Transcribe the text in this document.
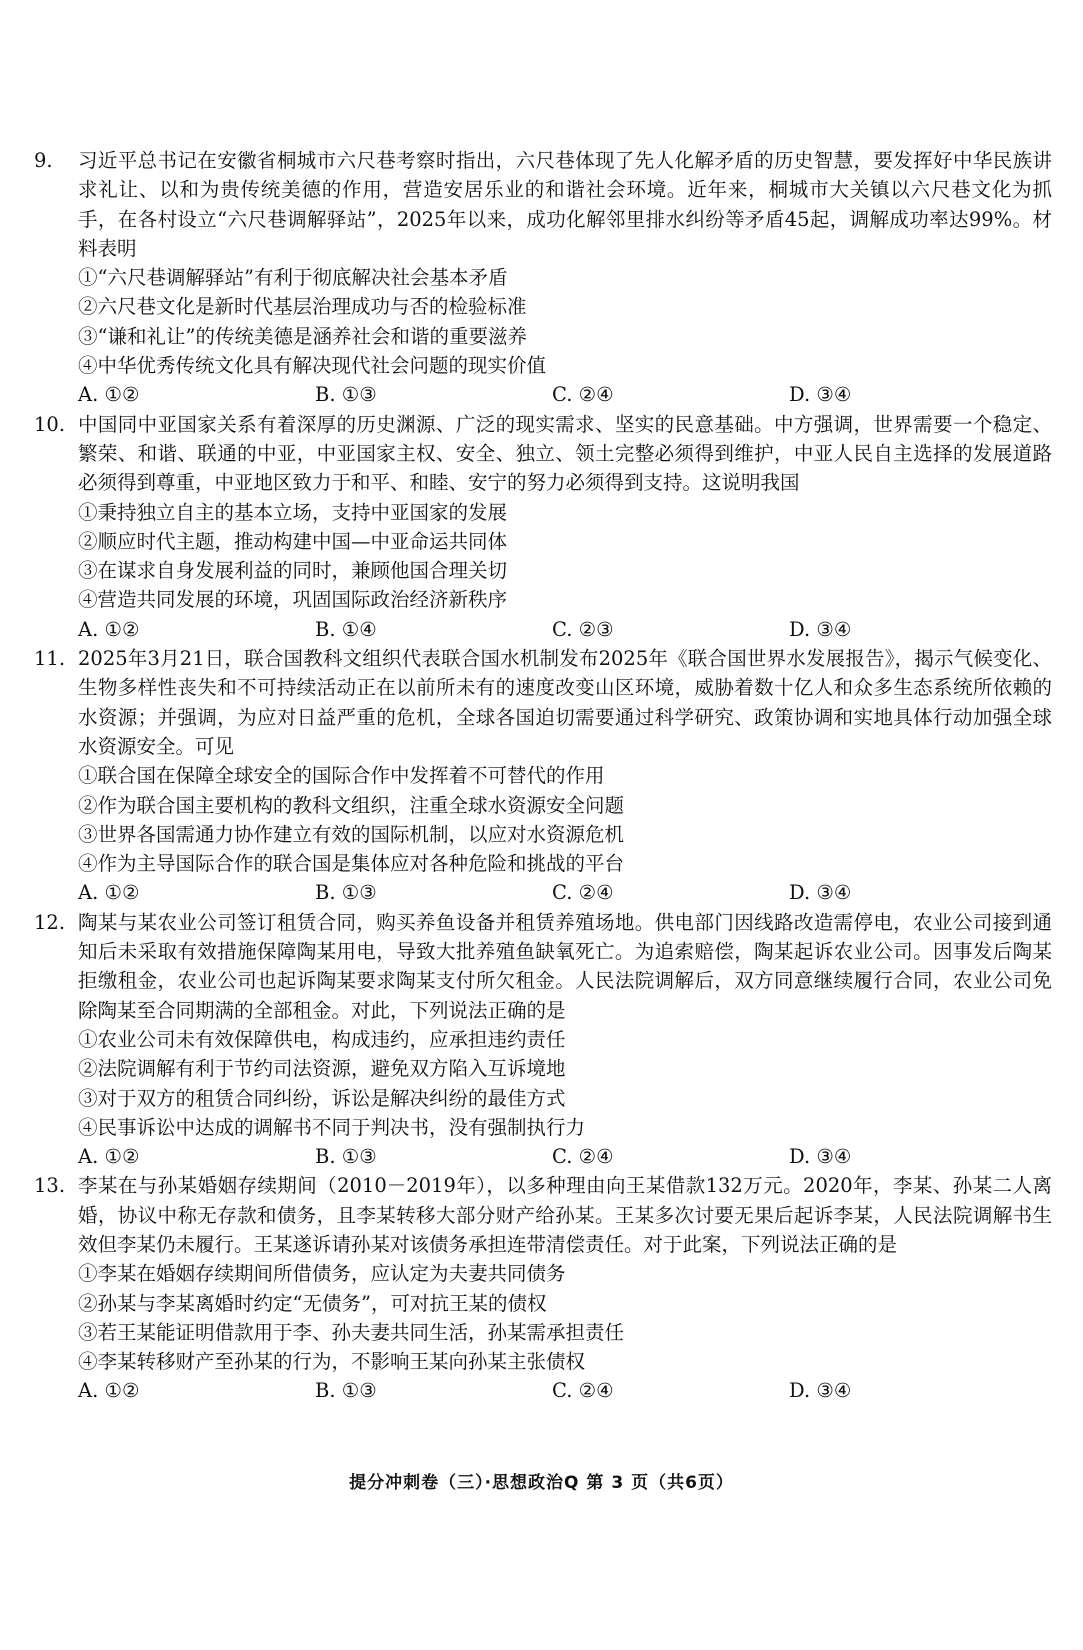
9.	习近平总书记在安徽省桐城市六尺巷考察时指出，六尺巷体现了先人化解矛盾的历史智慧，要发挥好中华民族讲求礼让、以和为贵传统美德的作用，营造安居乐业的和谐社会环境。近年来，桐城市大关镇以六尺巷文化为抓手，在各村设立“六尺巷调解驿站”，2025年以来，成功化解邻里排水纠纷等矛盾45起，调解成功率达99%。材料表明
①“六尺巷调解驿站”有利于彻底解决社会基本矛盾
②六尺巷文化是新时代基层治理成功与否的检验标准
③“谦和礼让”的传统美德是涵养社会和谐的重要滋养
④中华优秀传统文化具有解决现代社会问题的现实价值
A. ①②	B. ①③	C. ②④	D. ③④
10. 中国同中亚国家关系有着深厚的历史渊源、广泛的现实需求、坚实的民意基础。中方强调，世界需要一个稳定、繁荣、和谐、联通的中亚，中亚国家主权、安全、独立、领土完整必须得到维护，中亚人民自主选择的发展道路必须得到尊重，中亚地区致力于和平、和睦、安宁的努力必须得到支持。这说明我国
①秉持独立自主的基本立场，支持中亚国家的发展
②顺应时代主题，推动构建中国—中亚命运共同体
③在谋求自身发展利益的同时，兼顾他国合理关切
④营造共同发展的环境，巩固国际政治经济新秩序
A. ①②	B. ①④	C. ②③	D. ③④
11. 2025年3月21日，联合国教科文组织代表联合国水机制发布2025年《联合国世界水发展报告》，揭示气候变化、生物多样性丧失和不可持续活动正在以前所未有的速度改变山区环境，威胁着数十亿人和众多生态系统所依赖的水资源；并强调，为应对日益严重的危机，全球各国迫切需要通过科学研究、政策协调和实地具体行动加强全球水资源安全。可见
①联合国在保障全球安全的国际合作中发挥着不可替代的作用
②作为联合国主要机构的教科文组织，注重全球水资源安全问题
③世界各国需通力协作建立有效的国际机制，以应对水资源危机
④作为主导国际合作的联合国是集体应对各种危险和挑战的平台
A. ①②	B. ①③	C. ②④	D. ③④
12. 陶某与某农业公司签订租赁合同，购买养鱼设备并租赁养殖场地。供电部门因线路改造需停电，农业公司接到通知后未采取有效措施保障陶某用电，导致大批养殖鱼缺氧死亡。为追索赔偿，陶某起诉农业公司。因事发后陶某拒缴租金，农业公司也起诉陶某要求陶某支付所欠租金。人民法院调解后，双方同意继续履行合同，农业公司免除陶某至合同期满的全部租金。对此，下列说法正确的是
①农业公司未有效保障供电，构成违约，应承担违约责任
②法院调解有利于节约司法资源，避免双方陷入互诉境地
③对于双方的租赁合同纠纷，诉讼是解决纠纷的最佳方式
④民事诉讼中达成的调解书不同于判决书，没有强制执行力
A. ①②	B. ①③	C. ②④	D. ③④
13. 李某在与孙某婚姻存续期间（2010－2019年），以多种理由向王某借款132万元。2020年，李某、孙某二人离婚，协议中称无存款和债务，且李某转移大部分财产给孙某。王某多次讨要无果后起诉李某，人民法院调解书生效但李某仍未履行。王某遂诉请孙某对该债务承担连带清偿责任。对于此案，下列说法正确的是
①李某在婚姻存续期间所借债务，应认定为夫妻共同债务
②孙某与李某离婚时约定“无债务”，可对抗王某的债权
③若王某能证明借款用于李、孙夫妻共同生活，孙某需承担责任
④李某转移财产至孙某的行为，不影响王某向孙某主张债权
A. ①②	B. ①③	C. ②④	D. ③④
提分冲刺卷（三）·思想政治Q 第 3 页（共6页）
